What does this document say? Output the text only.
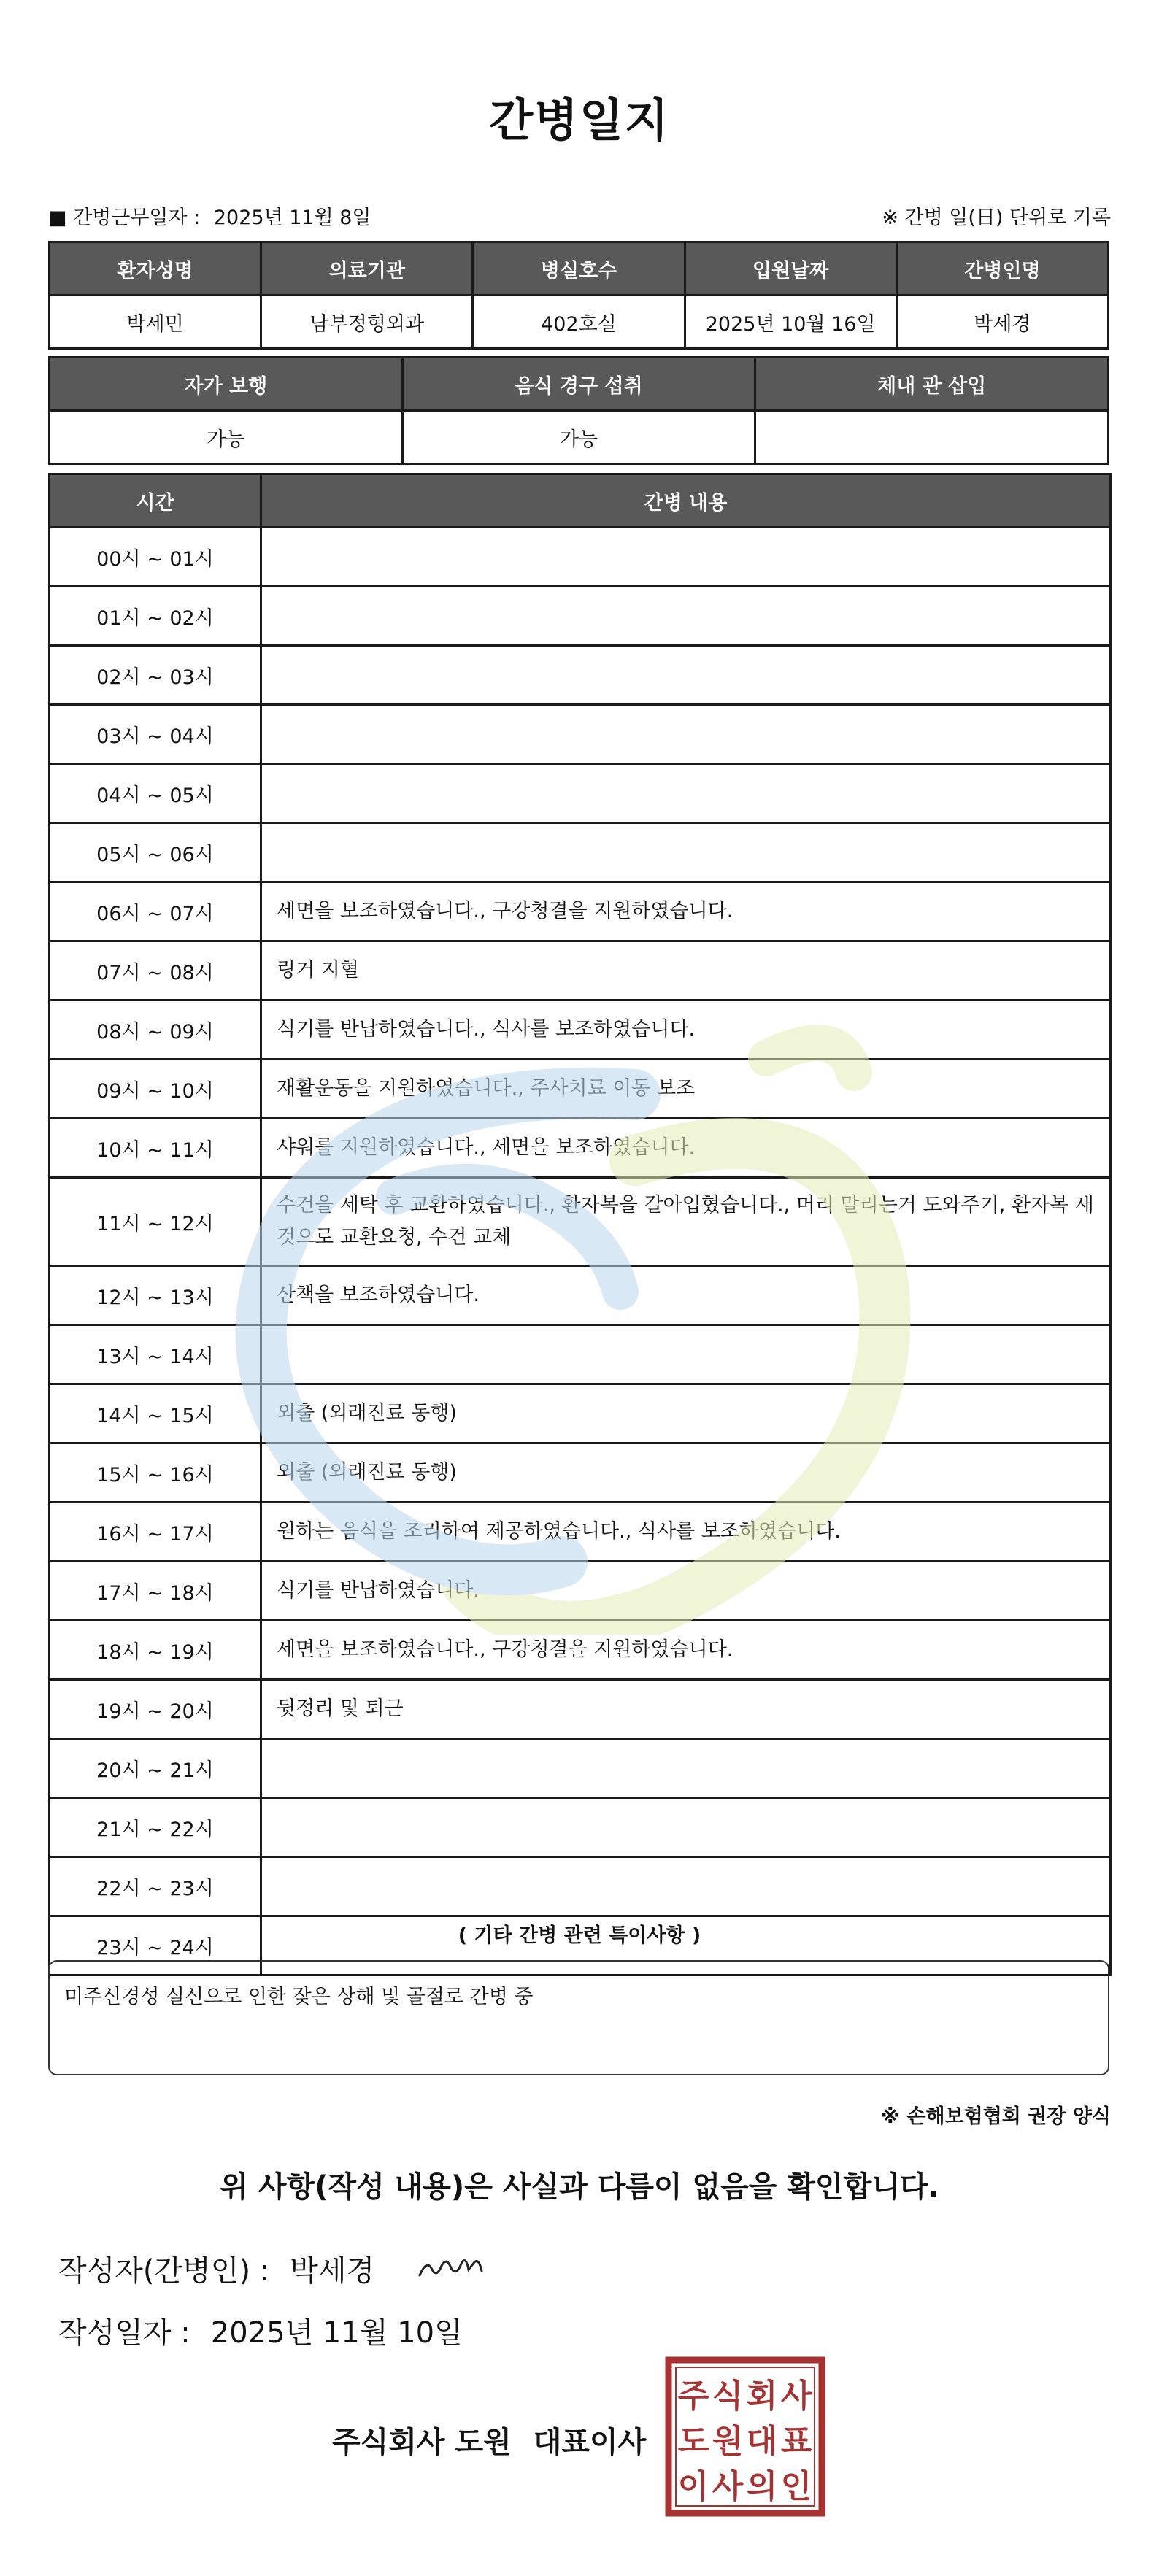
간병일지
■ 간병근무일자 : 2025년 11월 8일	※ 간병 일(日) 단위로 기록
환자성명	의료기관	병실호수	입원날짜	간병인명
박세민	남부정형외과	402호실	2025년 10월 16일	박세경
자가 보행	음식 경구 섭취	체내 관 삽입
가능	가능	
시간	간병 내용
00시 ~ 01시	
01시 ~ 02시	
02시 ~ 03시	
03시 ~ 04시	
04시 ~ 05시	
05시 ~ 06시	
06시 ~ 07시	세면을 보조하였습니다., 구강청결을 지원하였습니다.
07시 ~ 08시	링거 지혈
08시 ~ 09시	식기를 반납하였습니다., 식사를 보조하였습니다.
09시 ~ 10시	재활운동을 지원하였습니다., 주사치료 이동 보조
10시 ~ 11시	샤워를 지원하였습니다., 세면을 보조하였습니다.
11시 ~ 12시	수건을 세탁 후 교환하였습니다., 환자복을 갈아입혔습니다., 머리 말리는거 도와주기, 환자복 새것으로 교환요청, 수건 교체
12시 ~ 13시	산책을 보조하였습니다.
13시 ~ 14시	
14시 ~ 15시	외출 (외래진료 동행)
15시 ~ 16시	외출 (외래진료 동행)
16시 ~ 17시	원하는 음식을 조리하여 제공하였습니다., 식사를 보조하였습니다.
17시 ~ 18시	식기를 반납하였습니다.
18시 ~ 19시	세면을 보조하였습니다., 구강청결을 지원하였습니다.
19시 ~ 20시	뒷정리 및 퇴근
20시 ~ 21시	
21시 ~ 22시	
22시 ~ 23시	
23시 ~ 24시	
( 기타 간병 관련 특이사항 )
미주신경성 실신으로 인한 잦은 상해 및 골절로 간병 중
※ 손해보험협회 권장 양식
위 사항(작성 내용)은 사실과 다름이 없음을 확인합니다.
작성자(간병인) : 박세경
작성일자 : 2025년 11월 10일
주식회사 도원 대표이사
주 식 회 사
도 원 대 표
이 사 의 인
